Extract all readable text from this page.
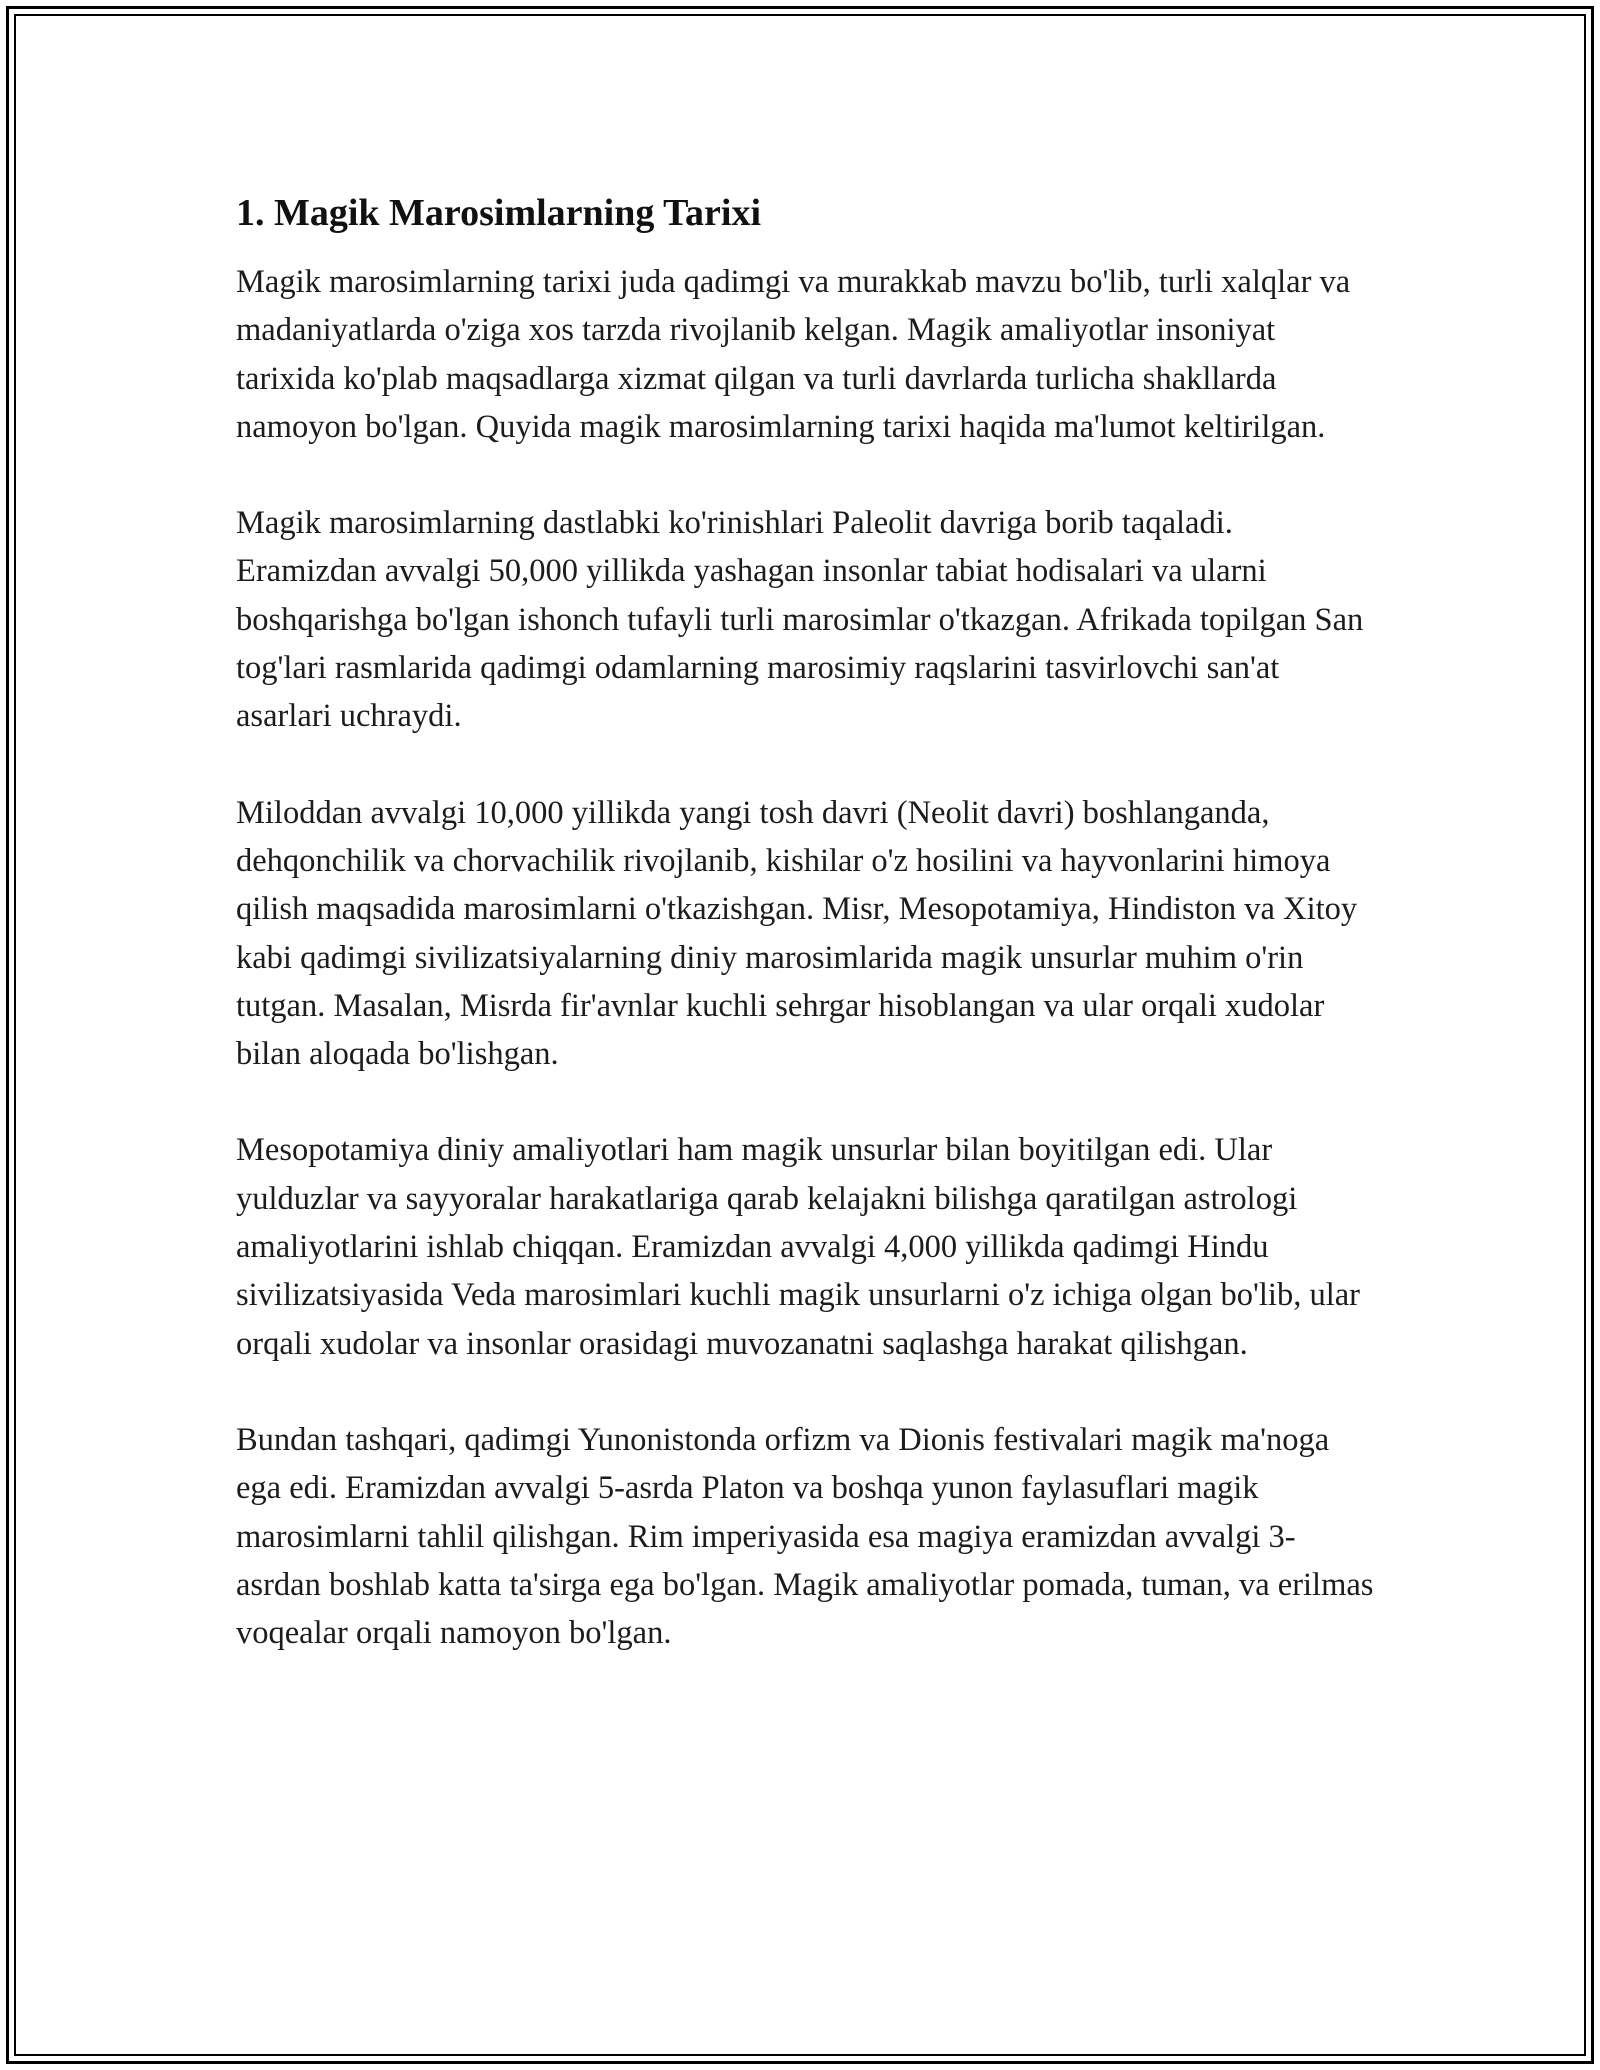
1. Magik Marosimlarning Tarixi

Magik marosimlarning tarixi juda qadimgi va murakkab mavzu bo'lib, turli xalqlar va madaniyatlarda o'ziga xos tarzda rivojlanib kelgan. Magik amaliyotlar insoniyat tarixida ko'plab maqsadlarga xizmat qilgan va turli davrlarda turlicha shakllarda namoyon bo'lgan. Quyida magik marosimlarning tarixi haqida ma'lumot keltirilgan.

Magik marosimlarning dastlabki ko'rinishlari Paleolit davriga borib taqaladi. Eramizdan avvalgi 50,000 yillikda yashagan insonlar tabiat hodisalari va ularni boshqarishga bo'lgan ishonch tufayli turli marosimlar o'tkazgan. Afrikada topilgan San tog'lari rasmlarida qadimgi odamlarning marosimiy raqslarini tasvirlovchi san'at asarlari uchraydi.

Miloddan avvalgi 10,000 yillikda yangi tosh davri (Neolit davri) boshlanganda, dehqonchilik va chorvachilik rivojlanib, kishilar o'z hosilini va hayvonlarini himoya qilish maqsadida marosimlarni o'tkazishgan. Misr, Mesopotamiya, Hindiston va Xitoy kabi qadimgi sivilizatsiyalarning diniy marosimlarida magik unsurlar muhim o'rin tutgan. Masalan, Misrda fir'avnlar kuchli sehrgar hisoblangan va ular orqali xudolar bilan aloqada bo'lishgan.

Mesopotamiya diniy amaliyotlari ham magik unsurlar bilan boyitilgan edi. Ular yulduzlar va sayyoralar harakatlariga qarab kelajakni bilishga qaratilgan astrologi amaliyotlarini ishlab chiqqan. Eramizdan avvalgi 4,000 yillikda qadimgi Hindu sivilizatsiyasida Veda marosimlari kuchli magik unsurlarni o'z ichiga olgan bo'lib, ular orqali xudolar va insonlar orasidagi muvozanatni saqlashga harakat qilishgan.

Bundan tashqari, qadimgi Yunonistonda orfizm va Dionis festivalari magik ma'noga ega edi. Eramizdan avvalgi 5-asrda Platon va boshqa yunon faylasuflari magik marosimlarni tahlil qilishgan. Rim imperiyasida esa magiya eramizdan avvalgi 3-asrdan boshlab katta ta'sirga ega bo'lgan. Magik amaliyotlar pomada, tuman, va erilmas voqealar orqali namoyon bo'lgan.
